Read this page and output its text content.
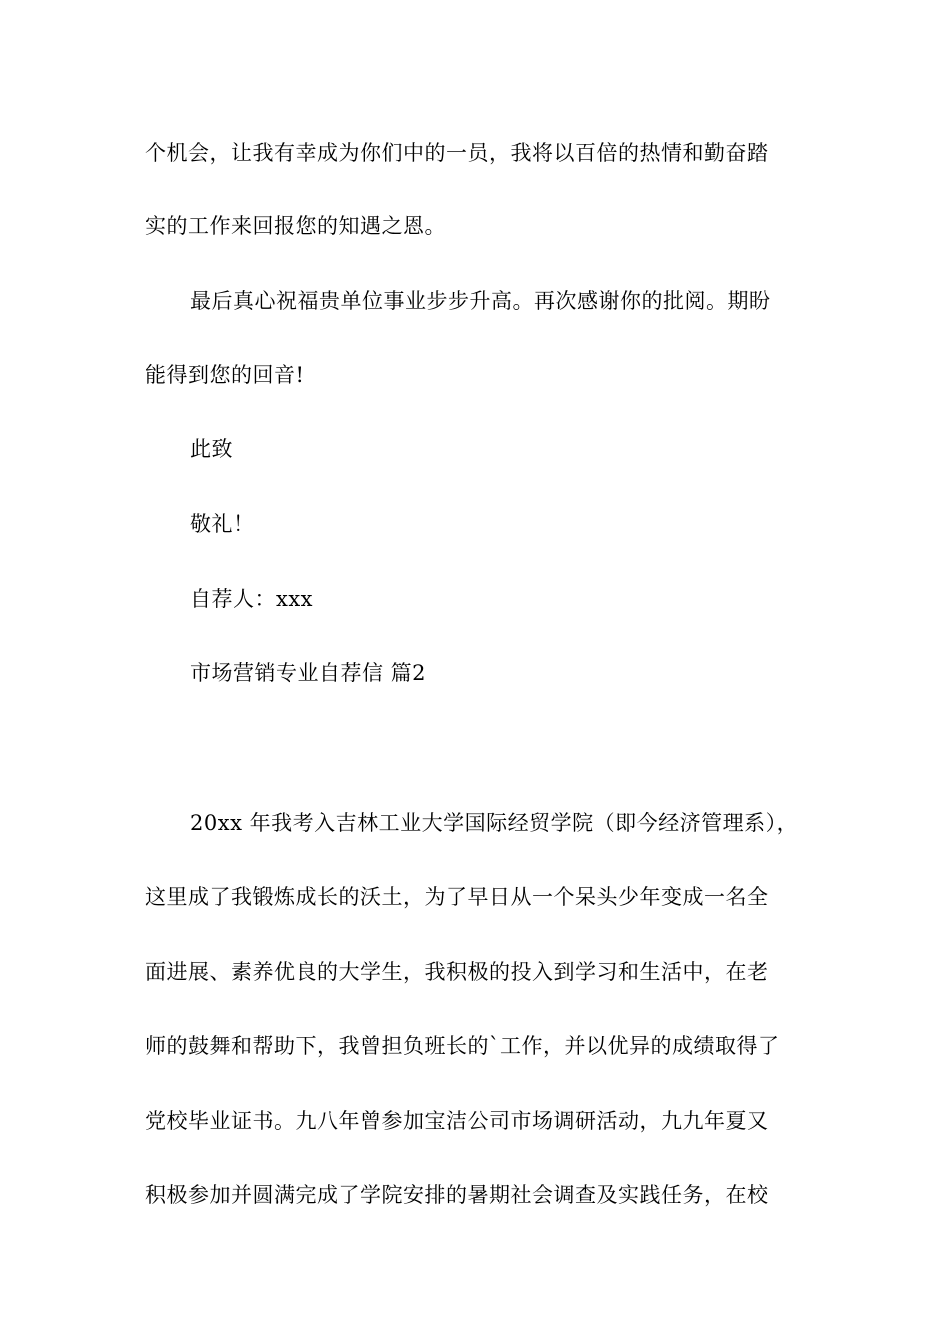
个机会，让我有幸成为你们中的一员，我将以百倍的热情和勤奋踏
实的工作来回报您的知遇之恩。
最后真心祝福贵单位事业步步升高。再次感谢你的批阅。期盼
能得到您的回音!
此致
敬礼！
自荐人：xxx
市场营销专业自荐信 篇2
20xx 年我考入吉林工业大学国际经贸学院（即今经济管理系），
这里成了我锻炼成长的沃土，为了早日从一个呆头少年变成一名全
面进展、素养优良的大学生，我积极的投入到学习和生活中，在老
师的鼓舞和帮助下，我曾担负班长的`工作，并以优异的成绩取得了
党校毕业证书。九八年曾参加宝洁公司市场调研活动，九九年夏又
积极参加并圆满完成了学院安排的暑期社会调查及实践任务，在校
